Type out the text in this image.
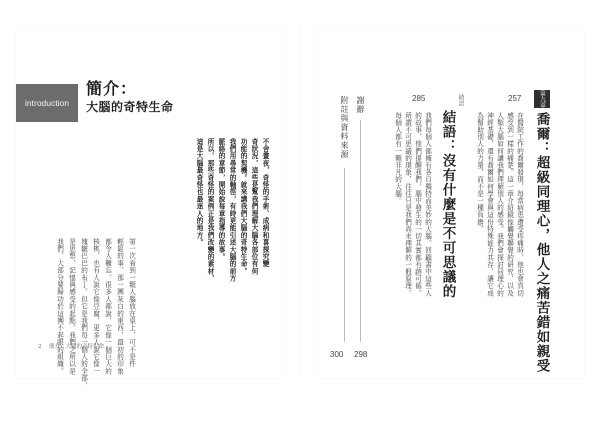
introduction
簡介：
大腦的奇特生命
不舍畫夜，奇怪的手術、成病和喜探究變
奇狀況，這些是幫我們理解大腦各部位有何
功能的契機。就來講我們大腦的奇特生命。
我們用尋常的軸徑，有時更能引述大腦的前方
脈絡的章節，開始說每章指導的故事。
所以，那些奇怪的案例正是我們改變的素材，
這是大腦最奇怪也最迷人的地方。
第一次看到一顆人腦放在桌上，可不是件
輕鬆的事。那一團灰白的東西，最初的印象
都令人難忘。很多人都說，它像一個巨大的
核桃，也有人說它像豆腐，更多人說它像一
塊皺巴巴的布丁。但它是我們每一個人的全部，
是思想、記憶與感受的起點。我們之所以是
我們，大部分要歸功於這團不起眼的組織。
2 簡介：大腦的奇特生命
第九章
喬爾：超級同理心，他人之痛苦錯如親受
257
在醫院工作的喬爾發現，每當病患遭受疼痛時，他也會真切
感受到一樣的痛楚。這一章介紹鏡像觸覺聯覺的研究，以及
人類大腦如何讓我們理解別人的感受。我們會探討同理心的
神經基礎，還有喬爾如何學會與這份特殊能力共存，讓它成
為幫助別人的力量，而不是一種負擔。
結語
結語：沒有什麼是不可思議的
285
我們每個人都擁有各自獨特而美妙的大腦。回顧書中這些人
的故事，他們提醒我們，腦中發生的一切其實都有跡可循。
所謂不可思議的現象，往往只是我們尚未理解的一般原理。
每個人都有一顆非凡的大腦。
謝辭
298
附註與資料來源
300
